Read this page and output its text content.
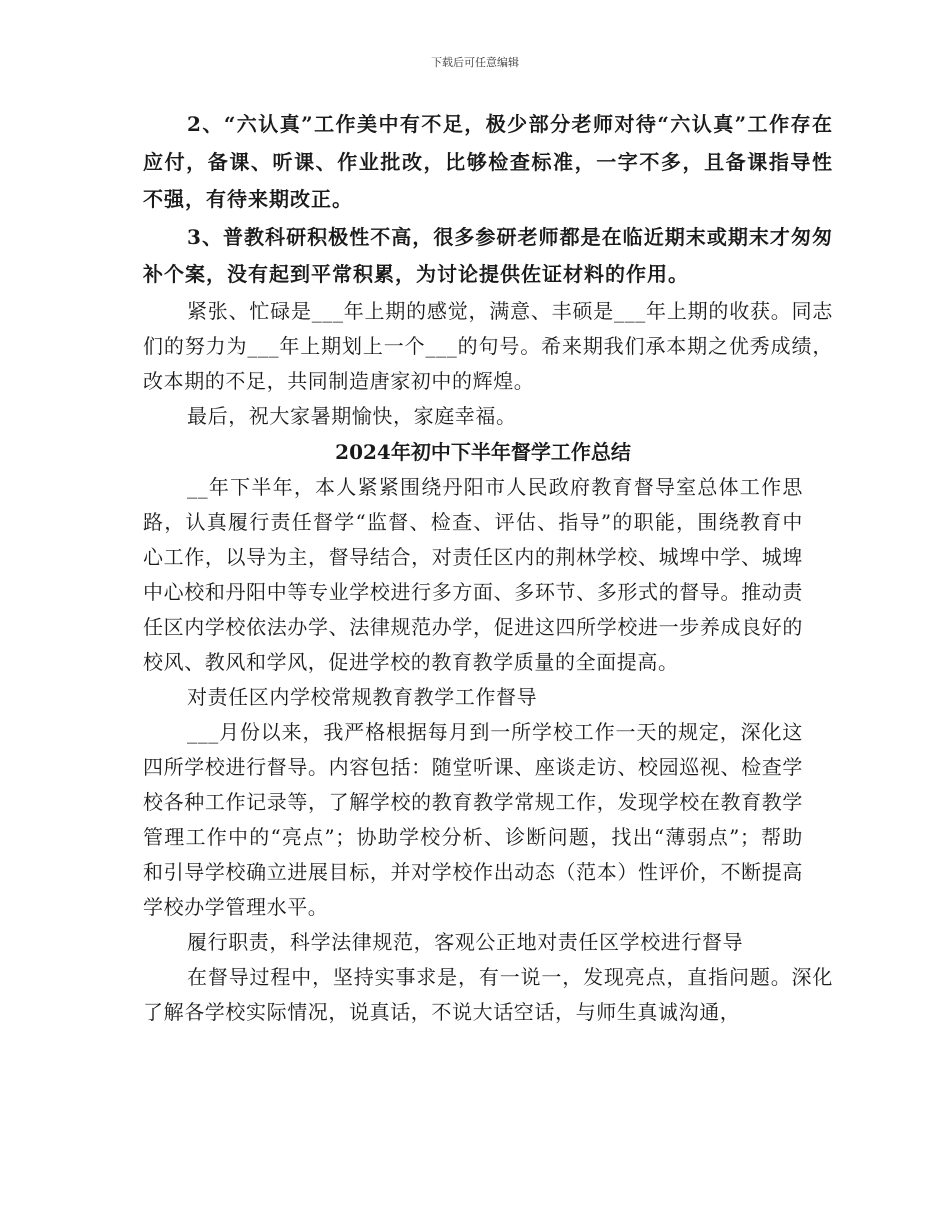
下载后可任意编辑

2、“六认真”工作美中有不足，极少部分老师对待“六认真”工作存在应付，备课、听课、作业批改，比够检查标准，一字不多，且备课指导性不强，有待来期改正。

3、普教科研积极性不高，很多参研老师都是在临近期末或期末才匆匆补个案，没有起到平常积累，为讨论提供佐证材料的作用。

紧张、忙碌是___年上期的感觉，满意、丰硕是___年上期的收获。同志们的努力为___年上期划上一个___的句号。希来期我们承本期之优秀成绩，改本期的不足，共同制造唐家初中的辉煌。

最后，祝大家暑期愉快，家庭幸福。

2024年初中下半年督学工作总结

__年下半年，本人紧紧围绕丹阳市人民政府教育督导室总体工作思路，认真履行责任督学“监督、检查、评估、指导”的职能，围绕教育中心工作，以导为主，督导结合，对责任区内的荆林学校、城埤中学、城埤中心校和丹阳中等专业学校进行多方面、多环节、多形式的督导。推动责任区内学校依法办学、法律规范办学，促进这四所学校进一步养成良好的校风、教风和学风，促进学校的教育教学质量的全面提高。

对责任区内学校常规教育教学工作督导

___月份以来，我严格根据每月到一所学校工作一天的规定，深化这四所学校进行督导。内容包括：随堂听课、座谈走访、校园巡视、检查学校各种工作记录等，了解学校的教育教学常规工作，发现学校在教育教学管理工作中的“亮点”；协助学校分析、诊断问题，找出“薄弱点”；帮助和引导学校确立进展目标，并对学校作出动态（范本）性评价，不断提高学校办学管理水平。

履行职责，科学法律规范，客观公正地对责任区学校进行督导

在督导过程中，坚持实事求是，有一说一，发现亮点，直指问题。深化了解各学校实际情况，说真话，不说大话空话，与师生真诚沟通，
